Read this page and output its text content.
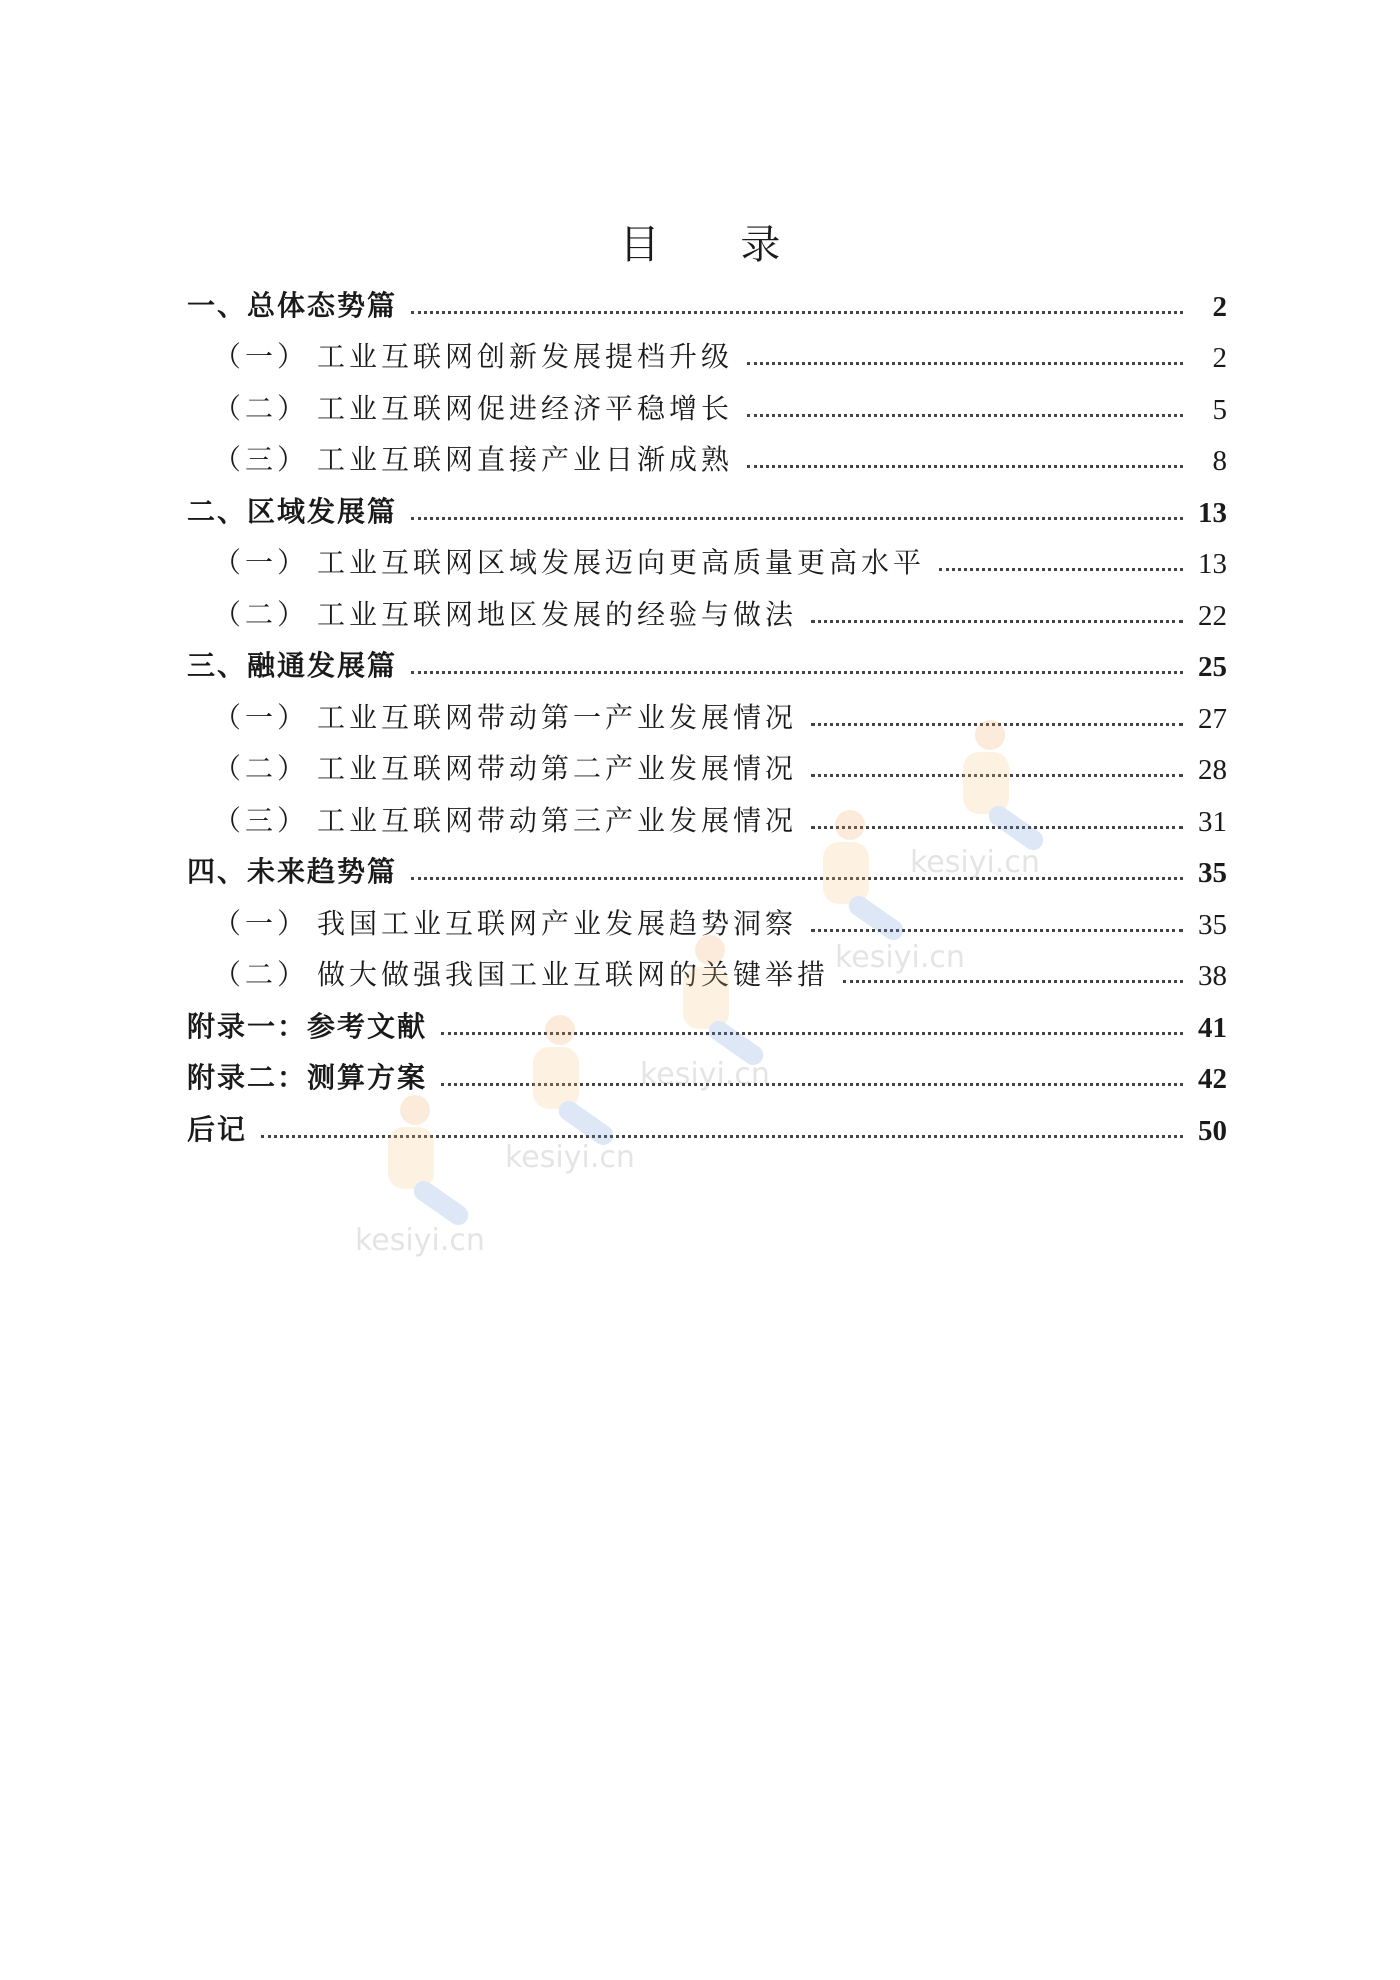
目 录
一、总体态势篇	2
（一） 工业互联网创新发展提档升级	2
（二） 工业互联网促进经济平稳增长	5
（三） 工业互联网直接产业日渐成熟	8
二、区域发展篇	13
（一） 工业互联网区域发展迈向更高质量更高水平	13
（二） 工业互联网地区发展的经验与做法	22
三、融通发展篇	25
（一） 工业互联网带动第一产业发展情况	27
（二） 工业互联网带动第二产业发展情况	28
（三） 工业互联网带动第三产业发展情况	31
四、未来趋势篇	35
（一） 我国工业互联网产业发展趋势洞察	35
（二） 做大做强我国工业互联网的关键举措	38
附录一：参考文献	41
附录二：测算方案	42
后记	50
kesiyi.cn
kesiyi.cn
kesiyi.cn
kesiyi.cn
kesiyi.cn
